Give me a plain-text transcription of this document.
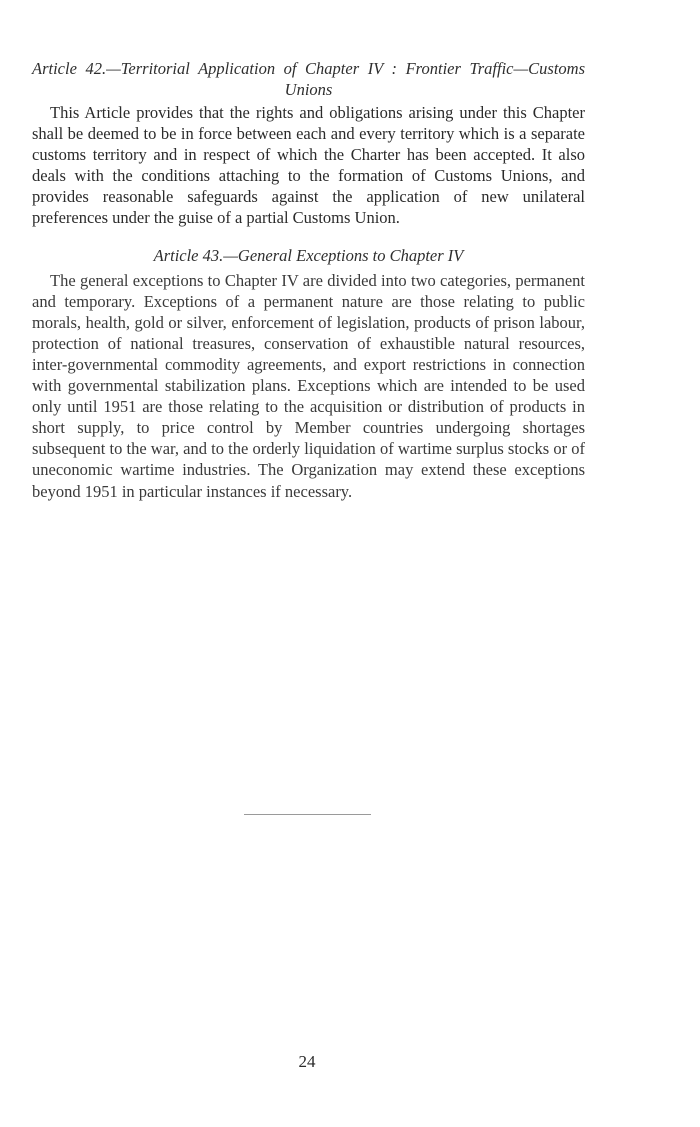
Article 42.—Territorial Application of Chapter IV : Frontier Traffic—Customs Unions

This Article provides that the rights and obligations arising under this Chapter shall be deemed to be in force between each and every territory which is a separate customs territory and in respect of which the Charter has been accepted. It also deals with the conditions attaching to the formation of Customs Unions, and provides reasonable safeguards against the application of new unilateral preferences under the guise of a partial Customs Union.

Article 43.—General Exceptions to Chapter IV

The general exceptions to Chapter IV are divided into two categories, permanent and temporary. Exceptions of a permanent nature are those relating to public morals, health, gold or silver, enforcement of legislation, products of prison labour, protection of national treasures, conservation of exhaustible natural resources, inter-governmental commodity agreements, and export restrictions in connection with governmental stabilization plans. Exceptions which are intended to be used only until 1951 are those relating to the acquisition or distribution of products in short supply, to price control by Member countries undergoing shortages subsequent to the war, and to the orderly liquidation of wartime surplus stocks or of uneconomic wartime industries. The Organization may extend these exceptions beyond 1951 in particular instances if necessary.

24
